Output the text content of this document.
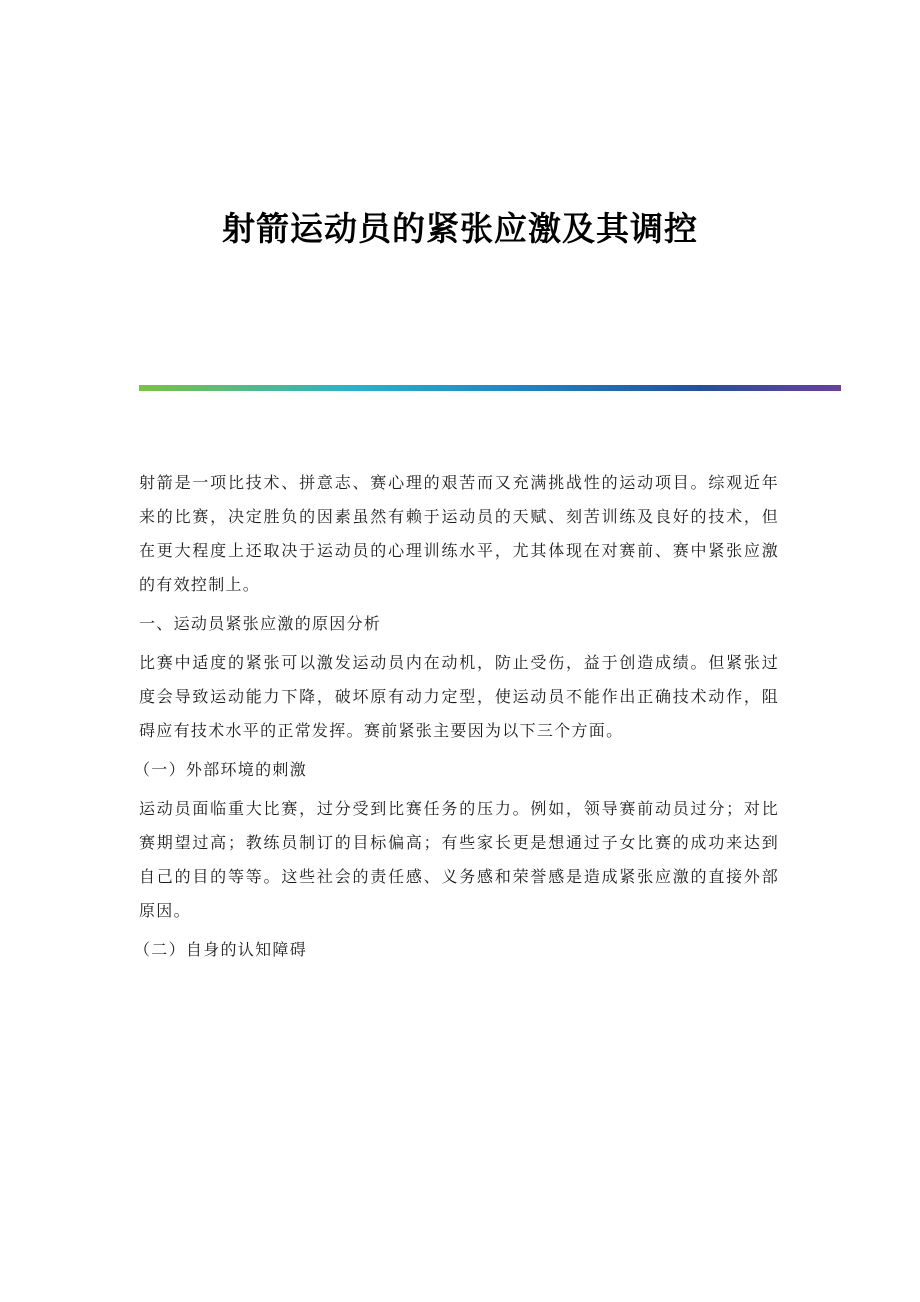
射箭运动员的紧张应激及其调控

射箭是一项比技术、拼意志、赛心理的艰苦而又充满挑战性的运动项目。综观近年来的比赛，决定胜负的因素虽然有赖于运动员的天赋、刻苦训练及良好的技术，但在更大程度上还取决于运动员的心理训练水平，尤其体现在对赛前、赛中紧张应激的有效控制上。

一、运动员紧张应激的原因分析

比赛中适度的紧张可以激发运动员内在动机，防止受伤，益于创造成绩。但紧张过度会导致运动能力下降，破坏原有动力定型，使运动员不能作出正确技术动作，阻碍应有技术水平的正常发挥。赛前紧张主要因为以下三个方面。

（一）外部环境的刺激

运动员面临重大比赛，过分受到比赛任务的压力。例如，领导赛前动员过分；对比赛期望过高；教练员制订的目标偏高；有些家长更是想通过子女比赛的成功来达到自己的目的等等。这些社会的责任感、义务感和荣誉感是造成紧张应激的直接外部原因。

（二）自身的认知障碍
